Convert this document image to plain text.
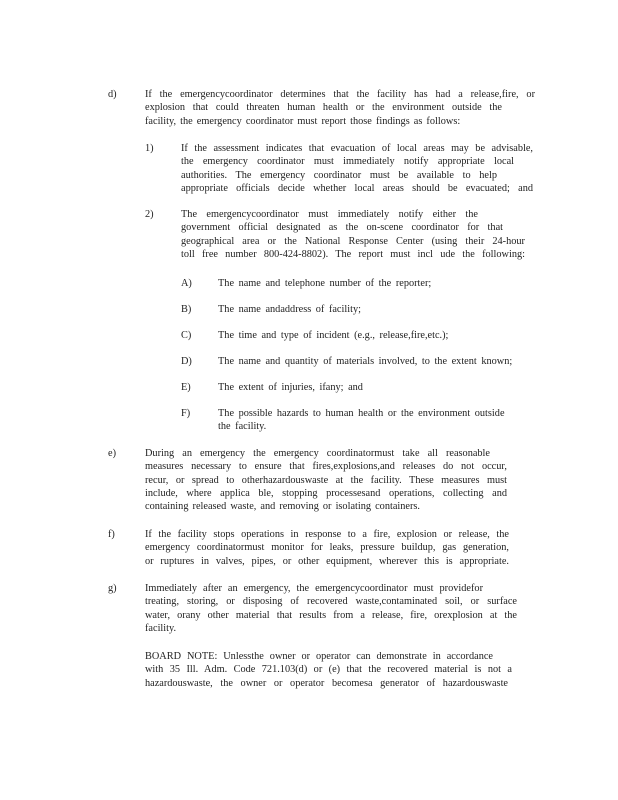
d)	If the emergencycoordinator determines that the facility has had a release,fire, or
explosion that could threaten human health or the environment outside the
facility, the emergency coordinator must report those findings as follows:
1)	If the assessment indicates that evacuation of local areas may be advisable,
the emergency coordinator must immediately notify appropriate local
authorities. The emergency coordinator must be available to help
appropriate officials decide whether local areas should be evacuated; and
2)	The emergencycoordinator must immediately notify either the
government official designated as the on-scene coordinator for that
geographical area or the National Response Center (using their 24-hour
toll free number 800-424-8802). The report must incl ude the following:
A)	The name and telephone number of the reporter;
B)	The name andaddress of facility;
C)	The time and type of incident (e.g., release,fire,etc.);
D)	The name and quantity of materials involved, to the extent known;
E)	The extent of injuries, ifany; and
F)	The possible hazards to human health or the environment outside
the facility.
e)	During an emergency the emergency coordinatormust take all reasonable
measures necessary to ensure that fires,explosions,and releases do not occur,
recur, or spread to otherhazardouswaste at the facility. These measures must
include, where applica ble, stopping processesand operations, collecting and
containing released waste, and removing or isolating containers.
f)	If the facility stops operations in response to a fire, explosion or release, the
emergency coordinatormust monitor for leaks, pressure buildup, gas generation,
or ruptures in valves, pipes, or other equipment, wherever this is appropriate.
g)	Immediately after an emergency, the emergencycoordinator must providefor
treating, storing, or disposing of recovered waste,contaminated soil, or surface
water, orany other material that results from a release, fire, orexplosion at the
facility.
BOARD NOTE: Unlessthe owner or operator can demonstrate in accordance
with 35 Ill. Adm. Code 721.103(d) or (e) that the recovered material is not a
hazardouswaste, the owner or operator becomesa generator of hazardouswaste
